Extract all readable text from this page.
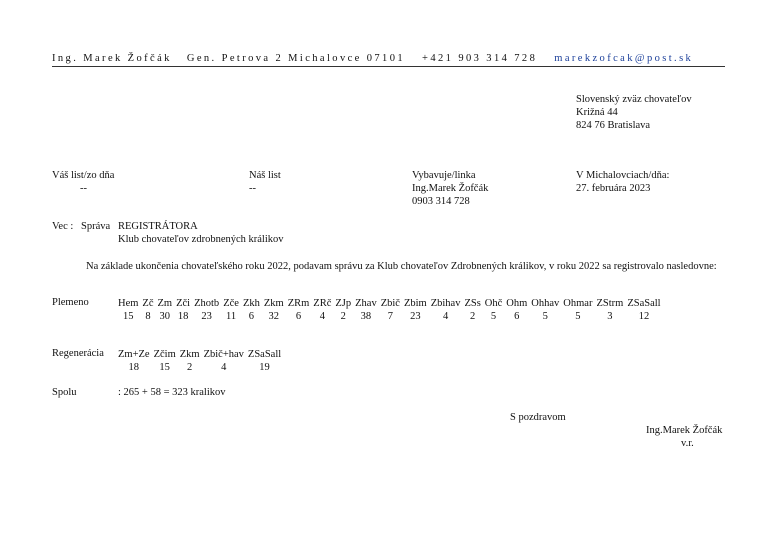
Ing. Marek Žofčák Gen. Petrova 2 Michalovce 07101 +421 903 314 728 marekzofcak@post.sk
Slovenský zväz chovateľov
Križná 44
824 76 Bratislava
Váš list/zo dňa
--
Náš list
--
Vybavuje/linka
Ing.Marek Žofčák
0903 314 728
V Michalovciach/dňa:
27. februára 2023
Vec : Správa REGISTRÁTORA
Klub chovateľov zdrobnených králikov
Na základe ukončenia chovateľského roku 2022, podavam správu za Klub chovateľov Zdrobnených králikov, v roku 2022 sa registrovalo nasledovne:
Plemeno	Hem
15
Zč
8
Zm
30
Zči
18
Zhotb
23
Zče
11
Zkh
6
Zkm
32
ZRm
6
ZRč
4
ZJp
2
Zhav
38
Zbič
7
Zbim
23
Zbihav
4
ZSs
2
Ohč
5
Ohm
6
Ohhav
5
Ohmar
5
ZStrm
3
ZSaSall
12
Regenerácia Zm+Ze
18
Zčim
15
Zkm
2
Zbič+hav
4
ZSaSall
19
Spolu	: 265 + 58 = 323 kralikov
S pozdravom
Ing.Marek Žofčák
v.r.
